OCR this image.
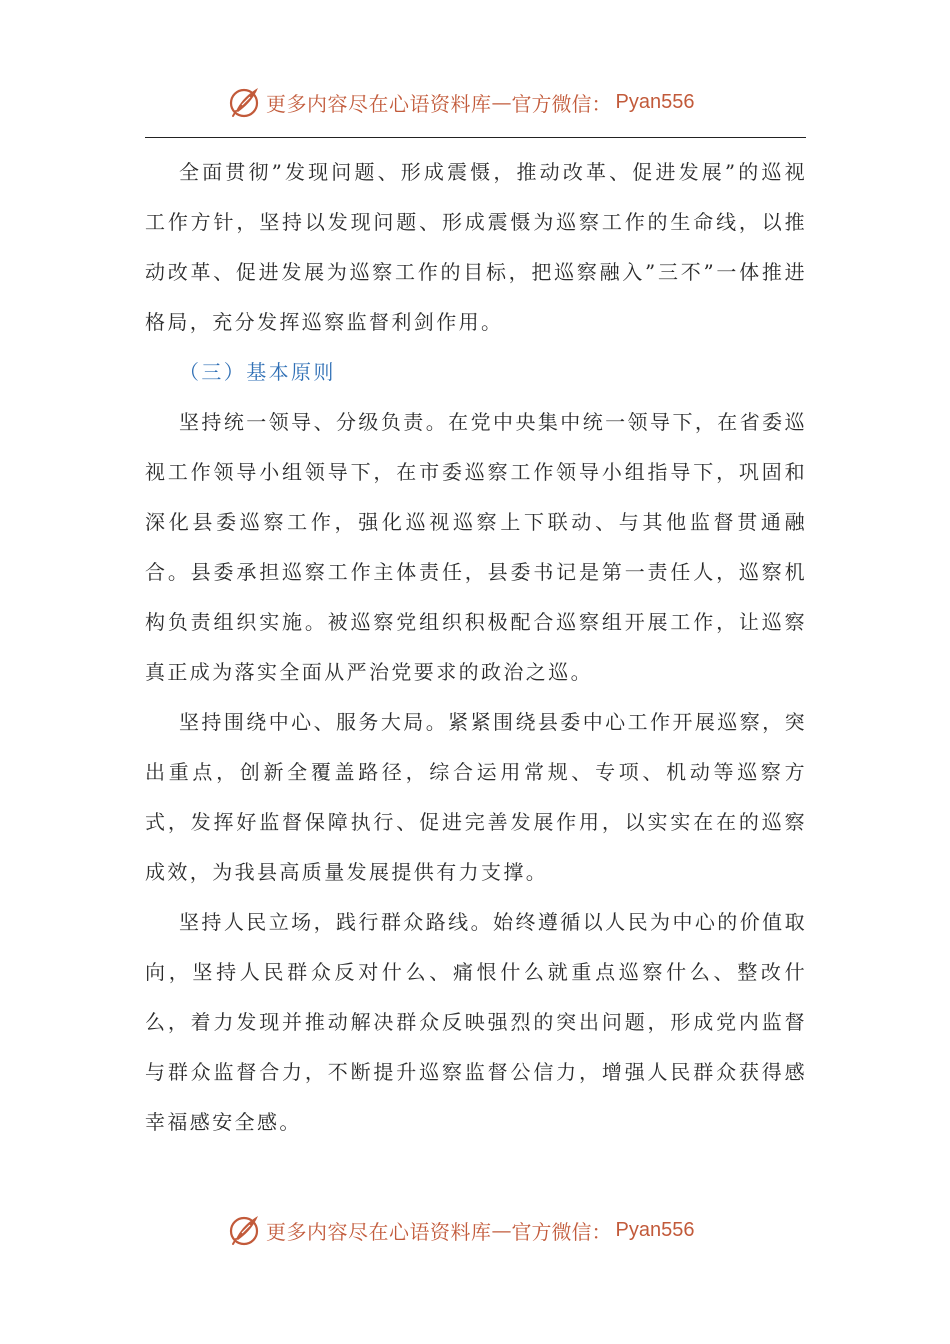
更多内容尽在心语资料库 — 官方微信： Pyan556

全面贯彻”发现问题、形成震慑，推动改革、促进发展”的巡视工作方针，坚持以发现问题、形成震慑为巡察工作的生命线，以推动改革、促进发展为巡察工作的目标，把巡察融入”三不”一体推进格局，充分发挥巡察监督利剑作用。

（三）基本原则

坚持统一领导、分级负责。在党中央集中统一领导下，在省委巡视工作领导小组领导下，在市委巡察工作领导小组指导下，巩固和深化县委巡察工作，强化巡视巡察上下联动、与其他监督贯通融合。县委承担巡察工作主体责任，县委书记是第一责任人，巡察机构负责组织实施。被巡察党组织积极配合巡察组开展工作，让巡察真正成为落实全面从严治党要求的政治之巡。

坚持围绕中心、服务大局。紧紧围绕县委中心工作开展巡察，突出重点，创新全覆盖路径，综合运用常规、专项、机动等巡察方式，发挥好监督保障执行、促进完善发展作用，以实实在在的巡察成效，为我县高质量发展提供有力支撑。

坚持人民立场，践行群众路线。始终遵循以人民为中心的价值取向，坚持人民群众反对什么、痛恨什么就重点巡察什么、整改什么，着力发现并推动解决群众反映强烈的突出问题，形成党内监督与群众监督合力，不断提升巡察监督公信力，增强人民群众获得感幸福感安全感。

更多内容尽在心语资料库 — 官方微信： Pyan556
